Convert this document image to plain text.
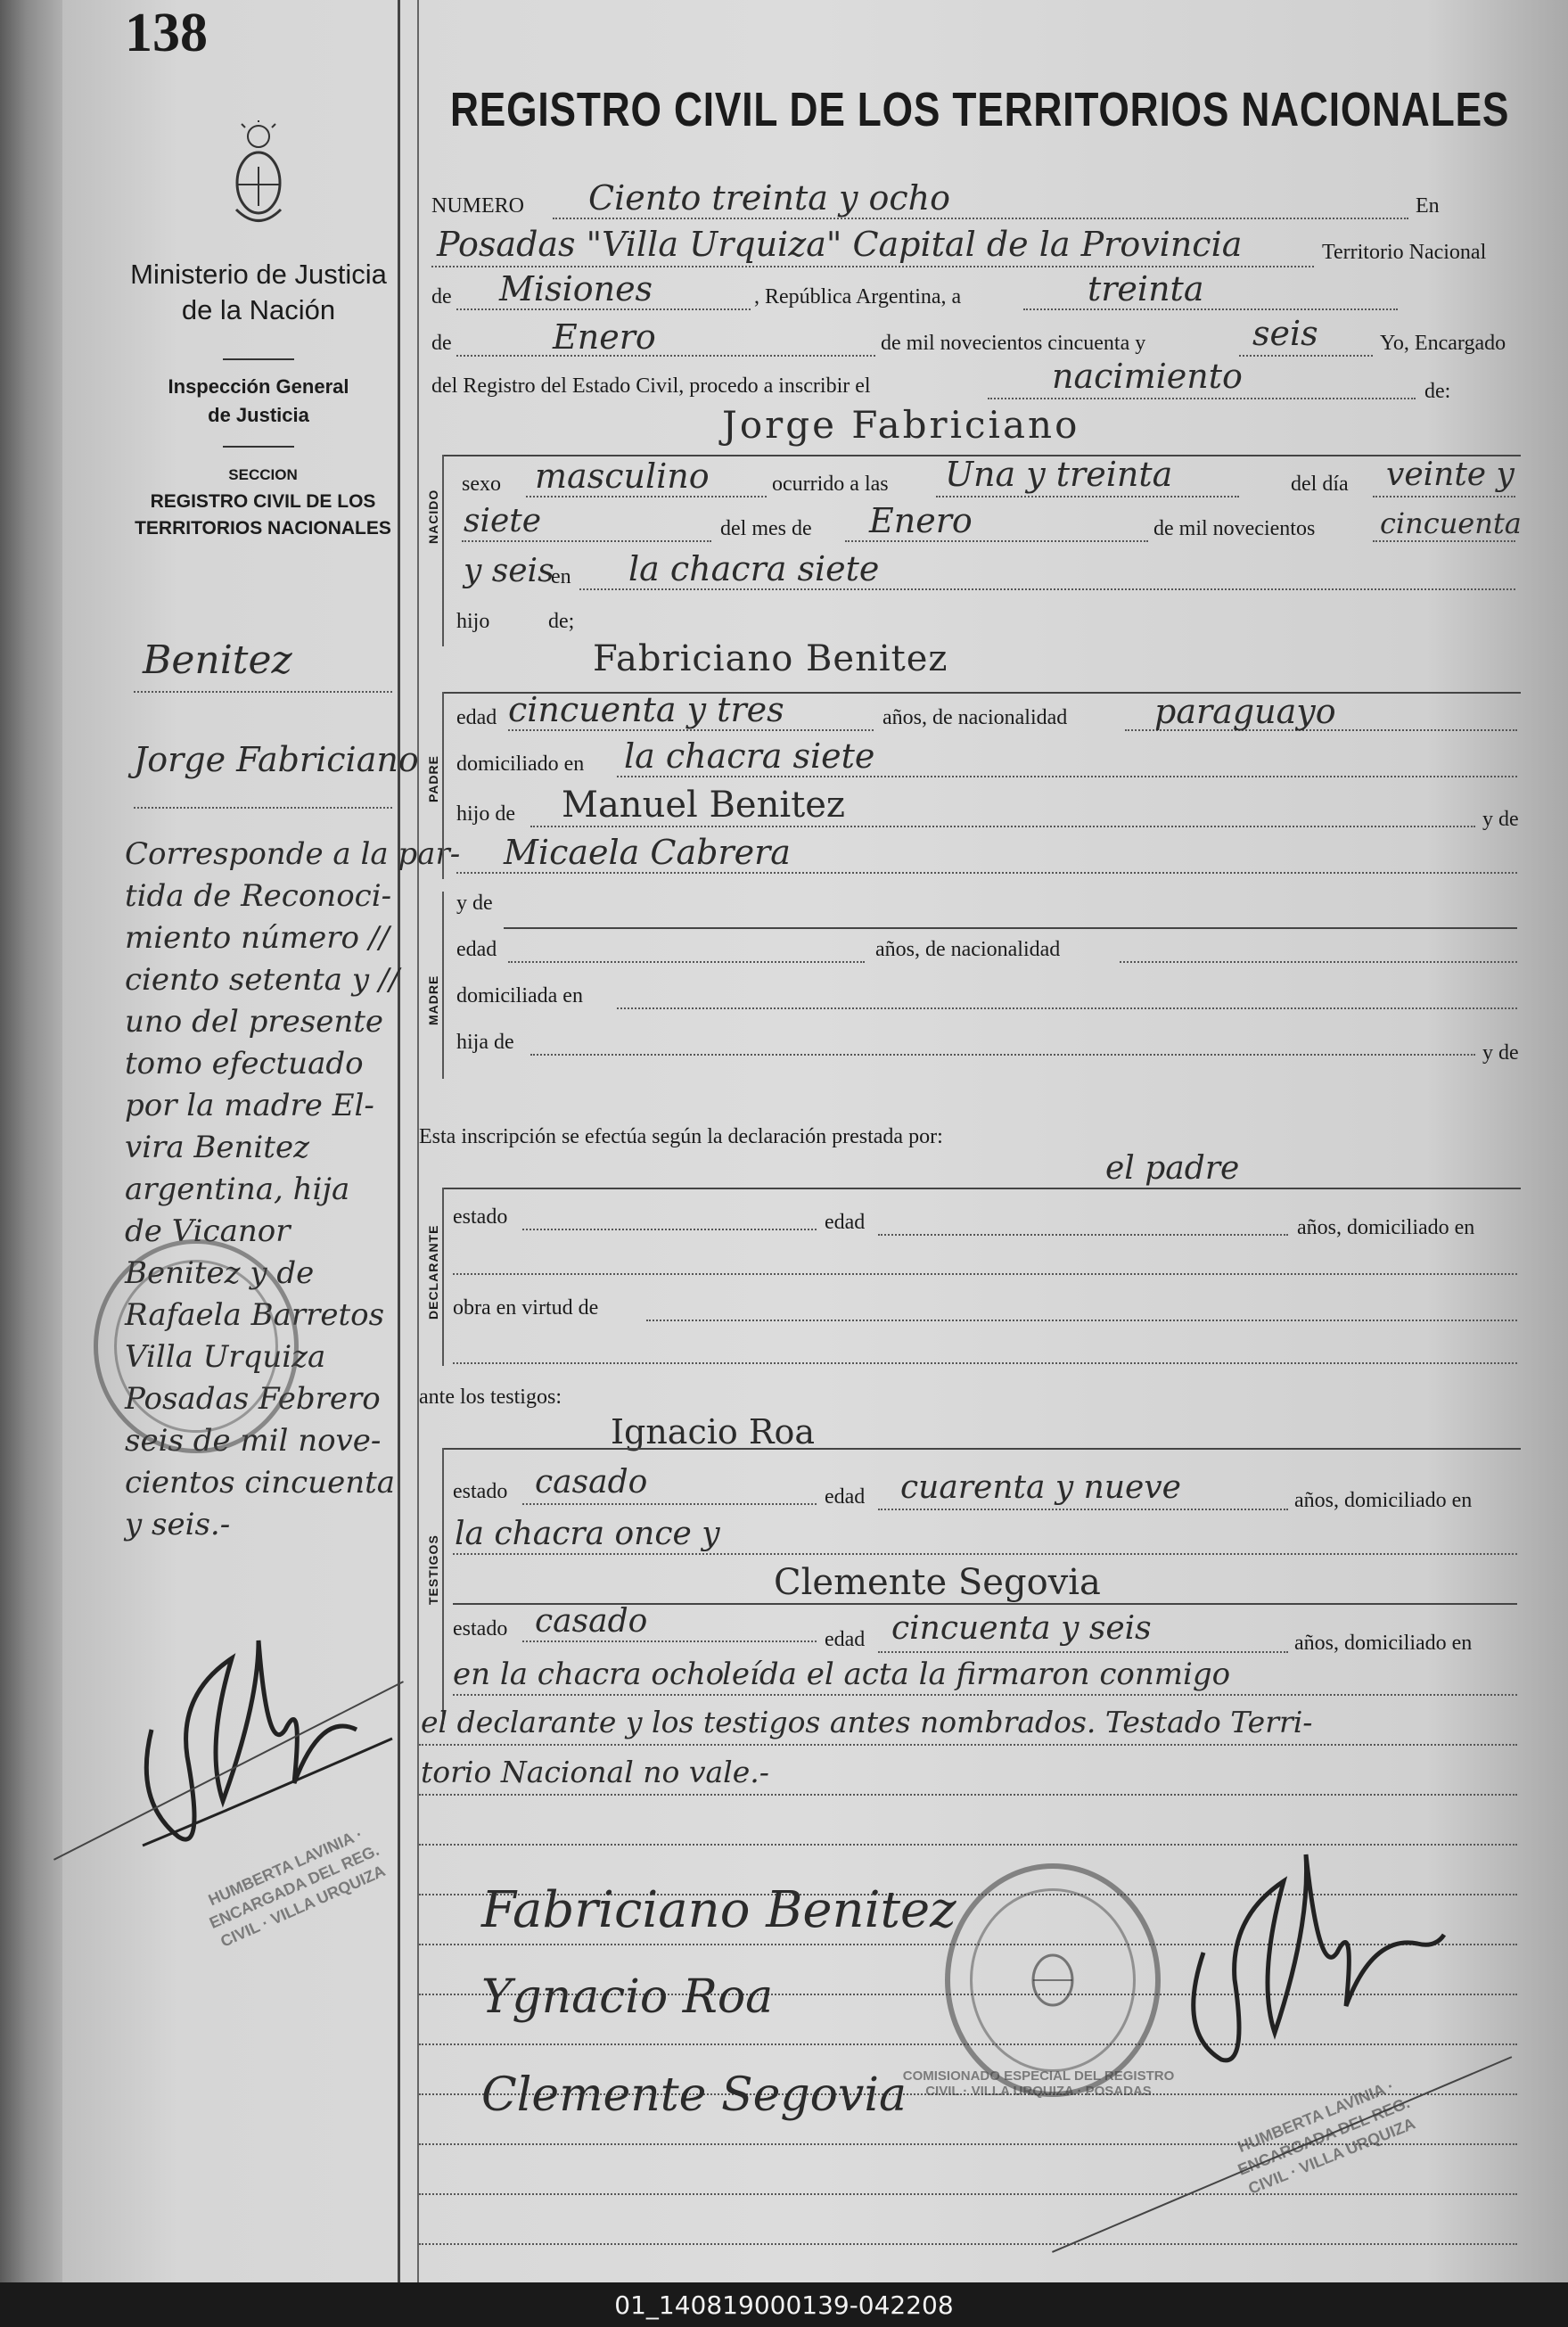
138
Ministerio de Justicia
de la Nación
Inspección General
de Justicia
SECCION
REGISTRO CIVIL DE LOS
TERRITORIOS NACIONALES
Benitez
Jorge Fabriciano
Corresponde a la par-
tida de Reconoci-
miento número //
ciento setenta y //
uno del presente
tomo efectuado
por la madre El-
vira Benitez
argentina, hija
de Vicanor
Benitez y de
Rafaela Barretos
Villa Urquiza
Posadas Febrero
seis de mil nove-
cientos cincuenta
y seis.-
HUMBERTA LAVINIA · ENCARGADA DEL REG. CIVIL · VILLA URQUIZA
REGISTRO CIVIL DE LOS TERRITORIOS NACIONALES
NUMERO Ciento treinta y ocho	En
Posadas "Villa Urquiza" Capital de la Provincia	Territorio Nacional
de Misiones	, República Argentina, a	treinta
de	Enero	de mil novecientos cincuenta y	seis	Yo, Encargado
del Registro del Estado Civil, procedo a inscribir el	nacimiento	de:
Jorge Fabriciano
NACIDO
sexo masculino	ocurrido a las Una y treinta	del día veinte y
siete	del mes de Enero	de mil novecientos cincuenta
y seis
en la chacra siete
hijo	de;
Fabriciano Benitez
PADRE
edad cincuenta y tres	años, de nacionalidad	paraguayo
domiciliado en la chacra siete
hijo de Manuel Benitez	y de
Micaela Cabrera
MADRE
y de
edad	años, de nacionalidad
domiciliada en
hija de	y de
Esta inscripción se efectúa según la declaración prestada por:
el padre
DECLARANTE
estado	edad	años, domiciliado en
obra en virtud de
ante los testigos:
Ignacio Roa
TESTIGOS
estado casado	edad cuarenta y nueve	años, domiciliado en
la chacra once y
Clemente Segovia
estado casado	edad cincuenta y seis	años, domiciliado en
en la chacra ocho
leída el acta la firmaron conmigo
el declarante y los testigos antes nombrados. Testado Terri-
torio Nacional no vale.-
Fabriciano Benitez
Ygnacio Roa
Clemente Segovia
COMISIONADO ESPECIAL DEL REGISTRO CIVIL · VILLA URQUIZA · POSADAS	HUMBERTA LAVINIA · ENCARGADA DEL REG. CIVIL · VILLA URQUIZA
01_140819000139-042208
